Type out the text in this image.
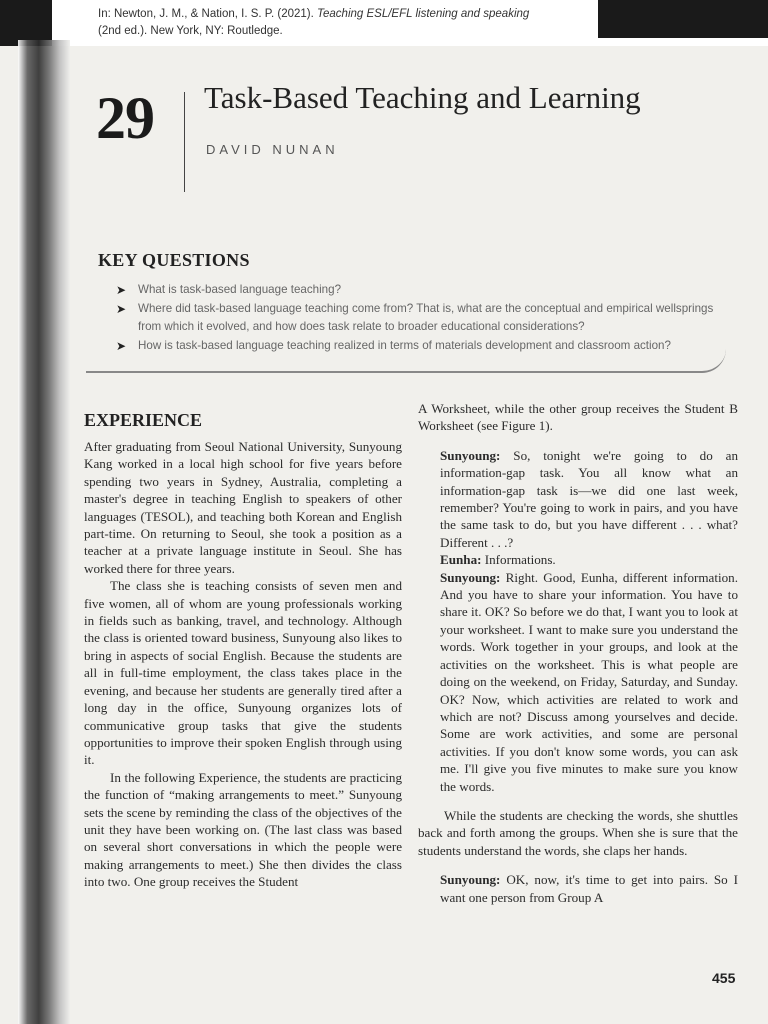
In: Newton, J. M., & Nation, I. S. P. (2021). Teaching ESL/EFL listening and speaking
(2nd ed.). New York, NY: Routledge.
29 Task-Based Teaching and Learning
DAVID NUNAN
KEY QUESTIONS
➤ What is task-based language teaching?
➤ Where did task-based language teaching come from? That is, what are the conceptual and empirical wellsprings from which it evolved, and how does task relate to broader educational considerations?
➤ How is task-based language teaching realized in terms of materials development and classroom action?
EXPERIENCE

After graduating from Seoul National University, Sunyoung Kang worked in a local high school for five years before spending two years in Sydney, Australia, completing a master's degree in teaching English to speakers of other languages (TESOL), and teaching both Korean and English part-time. On returning to Seoul, she took a position as a teacher at a private language institute in Seoul. She has worked there for three years.

The class she is teaching consists of seven men and five women, all of whom are young professionals working in fields such as banking, travel, and technology. Although the class is oriented toward business, Sunyoung also likes to bring in aspects of social English. Because the students are all in full-time employment, the class takes place in the evening, and because her students are generally tired after a long day in the office, Sunyoung organizes lots of communicative group tasks that give the students opportunities to improve their spoken English through using it.

In the following Experience, the students are practicing the function of “making arrangements to meet.” Sunyoung sets the scene by reminding the class of the objectives of the unit they have been working on. (The last class was based on several short conversations in which the people were making arrangements to meet.) She then divides the class into two. One group receives the Student

A Worksheet, while the other group receives the Student B Worksheet (see Figure 1).

Sunyoung: So, tonight we're going to do an information-gap task. You all know what an information-gap task is—we did one last week, remember? You're going to work in pairs, and you have the same task to do, but you have different . . . what? Different . . .?

Eunha: Informations.

Sunyoung: Right. Good, Eunha, different information. And you have to share your information. You have to share it. OK? So before we do that, I want you to look at your worksheet. I want to make sure you understand the words. Work together in your groups, and look at the activities on the worksheet. This is what people are doing on the weekend, on Friday, Saturday, and Sunday. OK? Now, which activities are related to work and which are not? Discuss among yourselves and decide. Some are work activities, and some are personal activities. If you don't know some words, you can ask me. I'll give you five minutes to make sure you know the words.

While the students are checking the words, she shuttles back and forth among the groups. When she is sure that the students understand the words, she claps her hands.

Sunyoung: OK, now, it's time to get into pairs. So I want one person from Group A

455
